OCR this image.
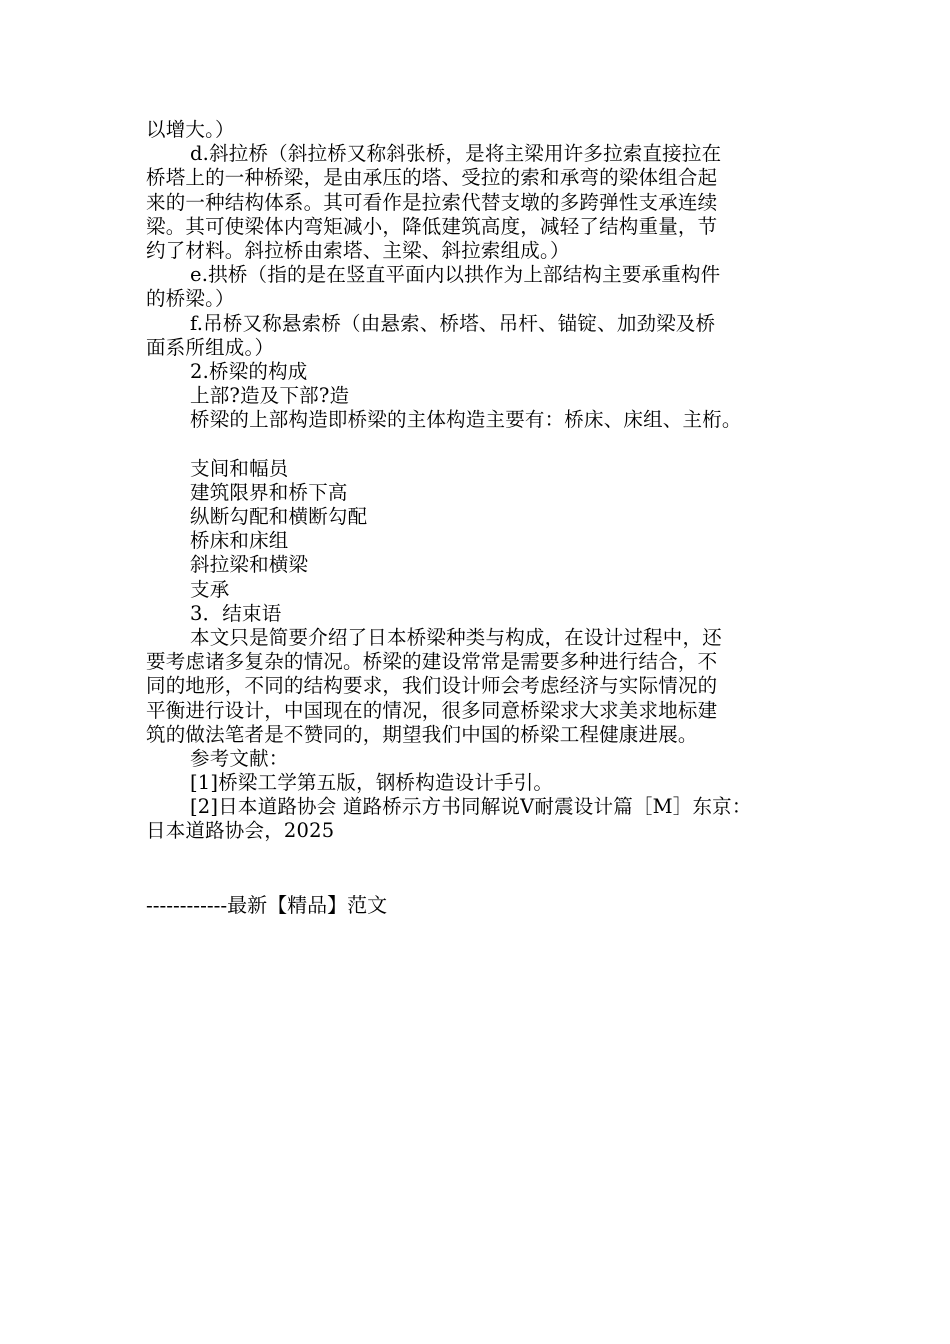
以增大。）
d.斜拉桥（斜拉桥又称斜张桥，是将主梁用许多拉索直接拉在
桥塔上的一种桥梁，是由承压的塔、受拉的索和承弯的梁体组合起
来的一种结构体系。其可看作是拉索代替支墩的多跨弹性支承连续
梁。其可使梁体内弯矩减小，降低建筑高度，减轻了结构重量，节
约了材料。斜拉桥由索塔、主梁、斜拉索组成。）
e.拱桥（指的是在竖直平面内以拱作为上部结构主要承重构件
的桥梁。）
f.吊桥又称悬索桥（由悬索、桥塔、吊杆、锚锭、加劲梁及桥
面系所组成。）
2.桥梁的构成
上部?造及下部?造
桥梁的上部构造即桥梁的主体构造主要有：桥床、床组、主桁。
支间和幅员
建筑限界和桥下高
纵断勾配和横断勾配
桥床和床组
斜拉梁和横梁
支承
3．结束语
本文只是简要介绍了日本桥梁种类与构成，在设计过程中，还
要考虑诸多复杂的情况。桥梁的建设常常是需要多种进行结合，不
同的地形，不同的结构要求，我们设计师会考虑经济与实际情况的
平衡进行设计，中国现在的情况，很多同意桥梁求大求美求地标建
筑的做法笔者是不赞同的，期望我们中国的桥梁工程健康进展。
参考文献：
[1]桥梁工学第五版，钢桥构造设计手引。
[2]日本道路协会 道路桥示方书同解说Ⅴ耐震设计篇［M］东京：
日本道路协会，2025
------------最新【精品】范文
